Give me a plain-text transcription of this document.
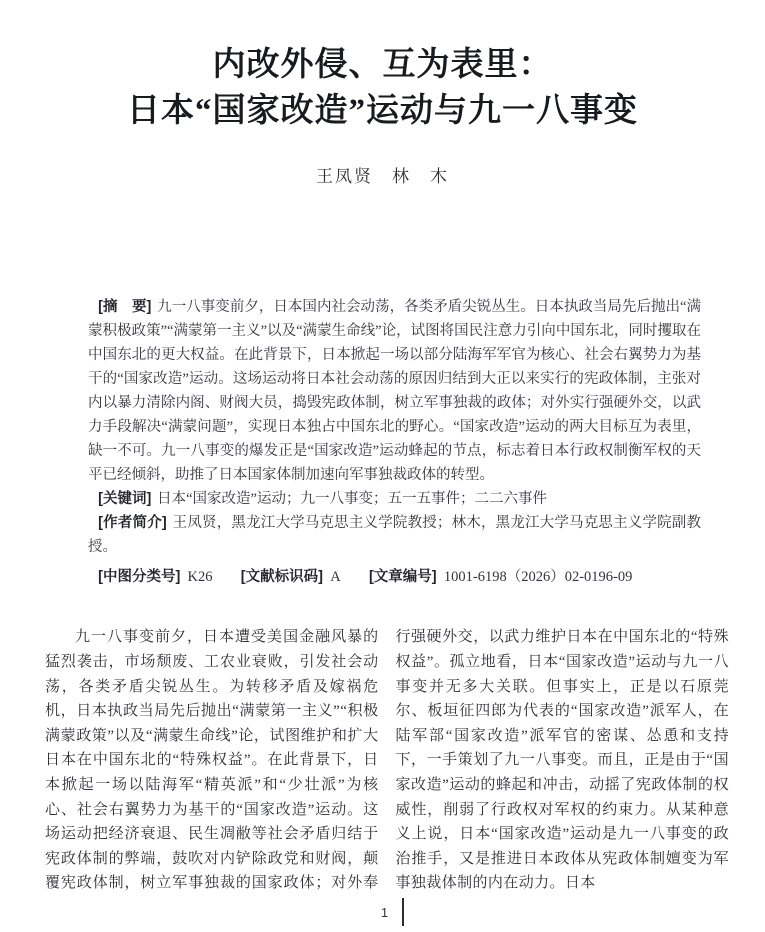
内改外侵、互为表里：
日本“国家改造”运动与九一八事变
王凤贤　林　木

[摘　要] 九一八事变前夕，日本国内社会动荡，各类矛盾尖锐丛生。日本执政当局先后抛出“满蒙积极政策”“满蒙第一主义”以及“满蒙生命线”论，试图将国民注意力引向中国东北，同时攫取在中国东北的更大权益。在此背景下，日本掀起一场以部分陆海军军官为核心、社会右翼势力为基干的“国家改造”运动。这场运动将日本社会动荡的原因归结到大正以来实行的宪政体制，主张对内以暴力清除内阁、财阀大员，捣毁宪政体制，树立军事独裁的政体；对外实行强硬外交，以武力手段解决“满蒙问题”，实现日本独占中国东北的野心。“国家改造”运动的两大目标互为表里，缺一不可。九一八事变的爆发正是“国家改造”运动蜂起的节点，标志着日本行政权制衡军权的天平已经倾斜，助推了日本国家体制加速向军事独裁政体的转型。

[关键词] 日本“国家改造”运动；九一八事变；五一五事件；二二六事件

[作者简介] 王凤贤，黑龙江大学马克思主义学院教授；林木，黑龙江大学马克思主义学院副教授。

[中图分类号] K26 [文献标识码] A [文章编号] 1001-6198（2026）02-0196-09

九一八事变前夕，日本遭受美国金融风暴的猛烈袭击，市场颓废、工农业衰败，引发社会动荡，各类矛盾尖锐丛生。为转移矛盾及嫁祸危机，日本执政当局先后抛出“满蒙第一主义”“积极满蒙政策”以及“满蒙生命线”论，试图维护和扩大日本在中国东北的“特殊权益”。在此背景下，日本掀起一场以陆海军“精英派”和“少壮派”为核心、社会右翼势力为基干的“国家改造”运动。这场运动把经济衰退、民生凋敝等社会矛盾归结于宪政体制的弊端，鼓吹对内铲除政党和财阀，颠覆宪政体制，树立军事独裁的国家政体；对外奉行强硬外交，以武力维护日本在中国东北的“特殊权益”。孤立地看，日本“国家改造”运动与九一八事变并无多大关联。但事实上，正是以石原莞尔、板垣征四郎为代表的“国家改造”派军人，在陆军部“国家改造”派军官的密谋、怂恿和支持下，一手策划了九一八事变。而且，正是由于“国家改造”运动的蜂起和冲击，动摇了宪政体制的权威性，削弱了行政权对军权的约束力。从某种意义上说，日本“国家改造”运动是九一八事变的政治推手，又是推进日本政体从宪政体制嬗变为军事独裁体制的内在动力。日本

1
